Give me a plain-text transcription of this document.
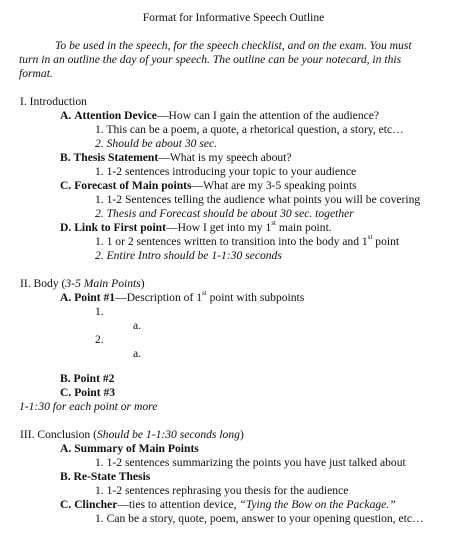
Format for Informative Speech Outline
To be used in the speech, for the speech checklist, and on the exam. You must
turn in an outline the day of your speech. The outline can be your notecard, in this
format.
I. Introduction
A. Attention Device—How can I gain the attention of the audience?
1. This can be a poem, a quote, a rhetorical question, a story, etc…
2. Should be about 30 sec.
B. Thesis Statement—What is my speech about?
1. 1-2 sentences introducing your topic to your audience
C. Forecast of Main points—What are my 3-5 speaking points
1. 1-2 Sentences telling the audience what points you will be covering
2. Thesis and Forecast should be about 30 sec. together
D. Link to First point—How I get into my 1st main point.
1. 1 or 2 sentences written to transition into the body and 1st point
2. Entire Intro should be 1-1:30 seconds
II. Body (3-5 Main Points)
A. Point #1—Description of 1st point with subpoints
1.
a.
2.
a.
B. Point #2
C. Point #3
1-1:30 for each point or more
III. Conclusion (Should be 1-1:30 seconds long)
A. Summary of Main Points
1. 1-2 sentences summarizing the points you have just talked about
B. Re-State Thesis
1. 1-2 sentences rephrasing you thesis for the audience
C. Clincher—ties to attention device, “Tying the Bow on the Package.”
1. Can be a story, quote, poem, answer to your opening question, etc…
